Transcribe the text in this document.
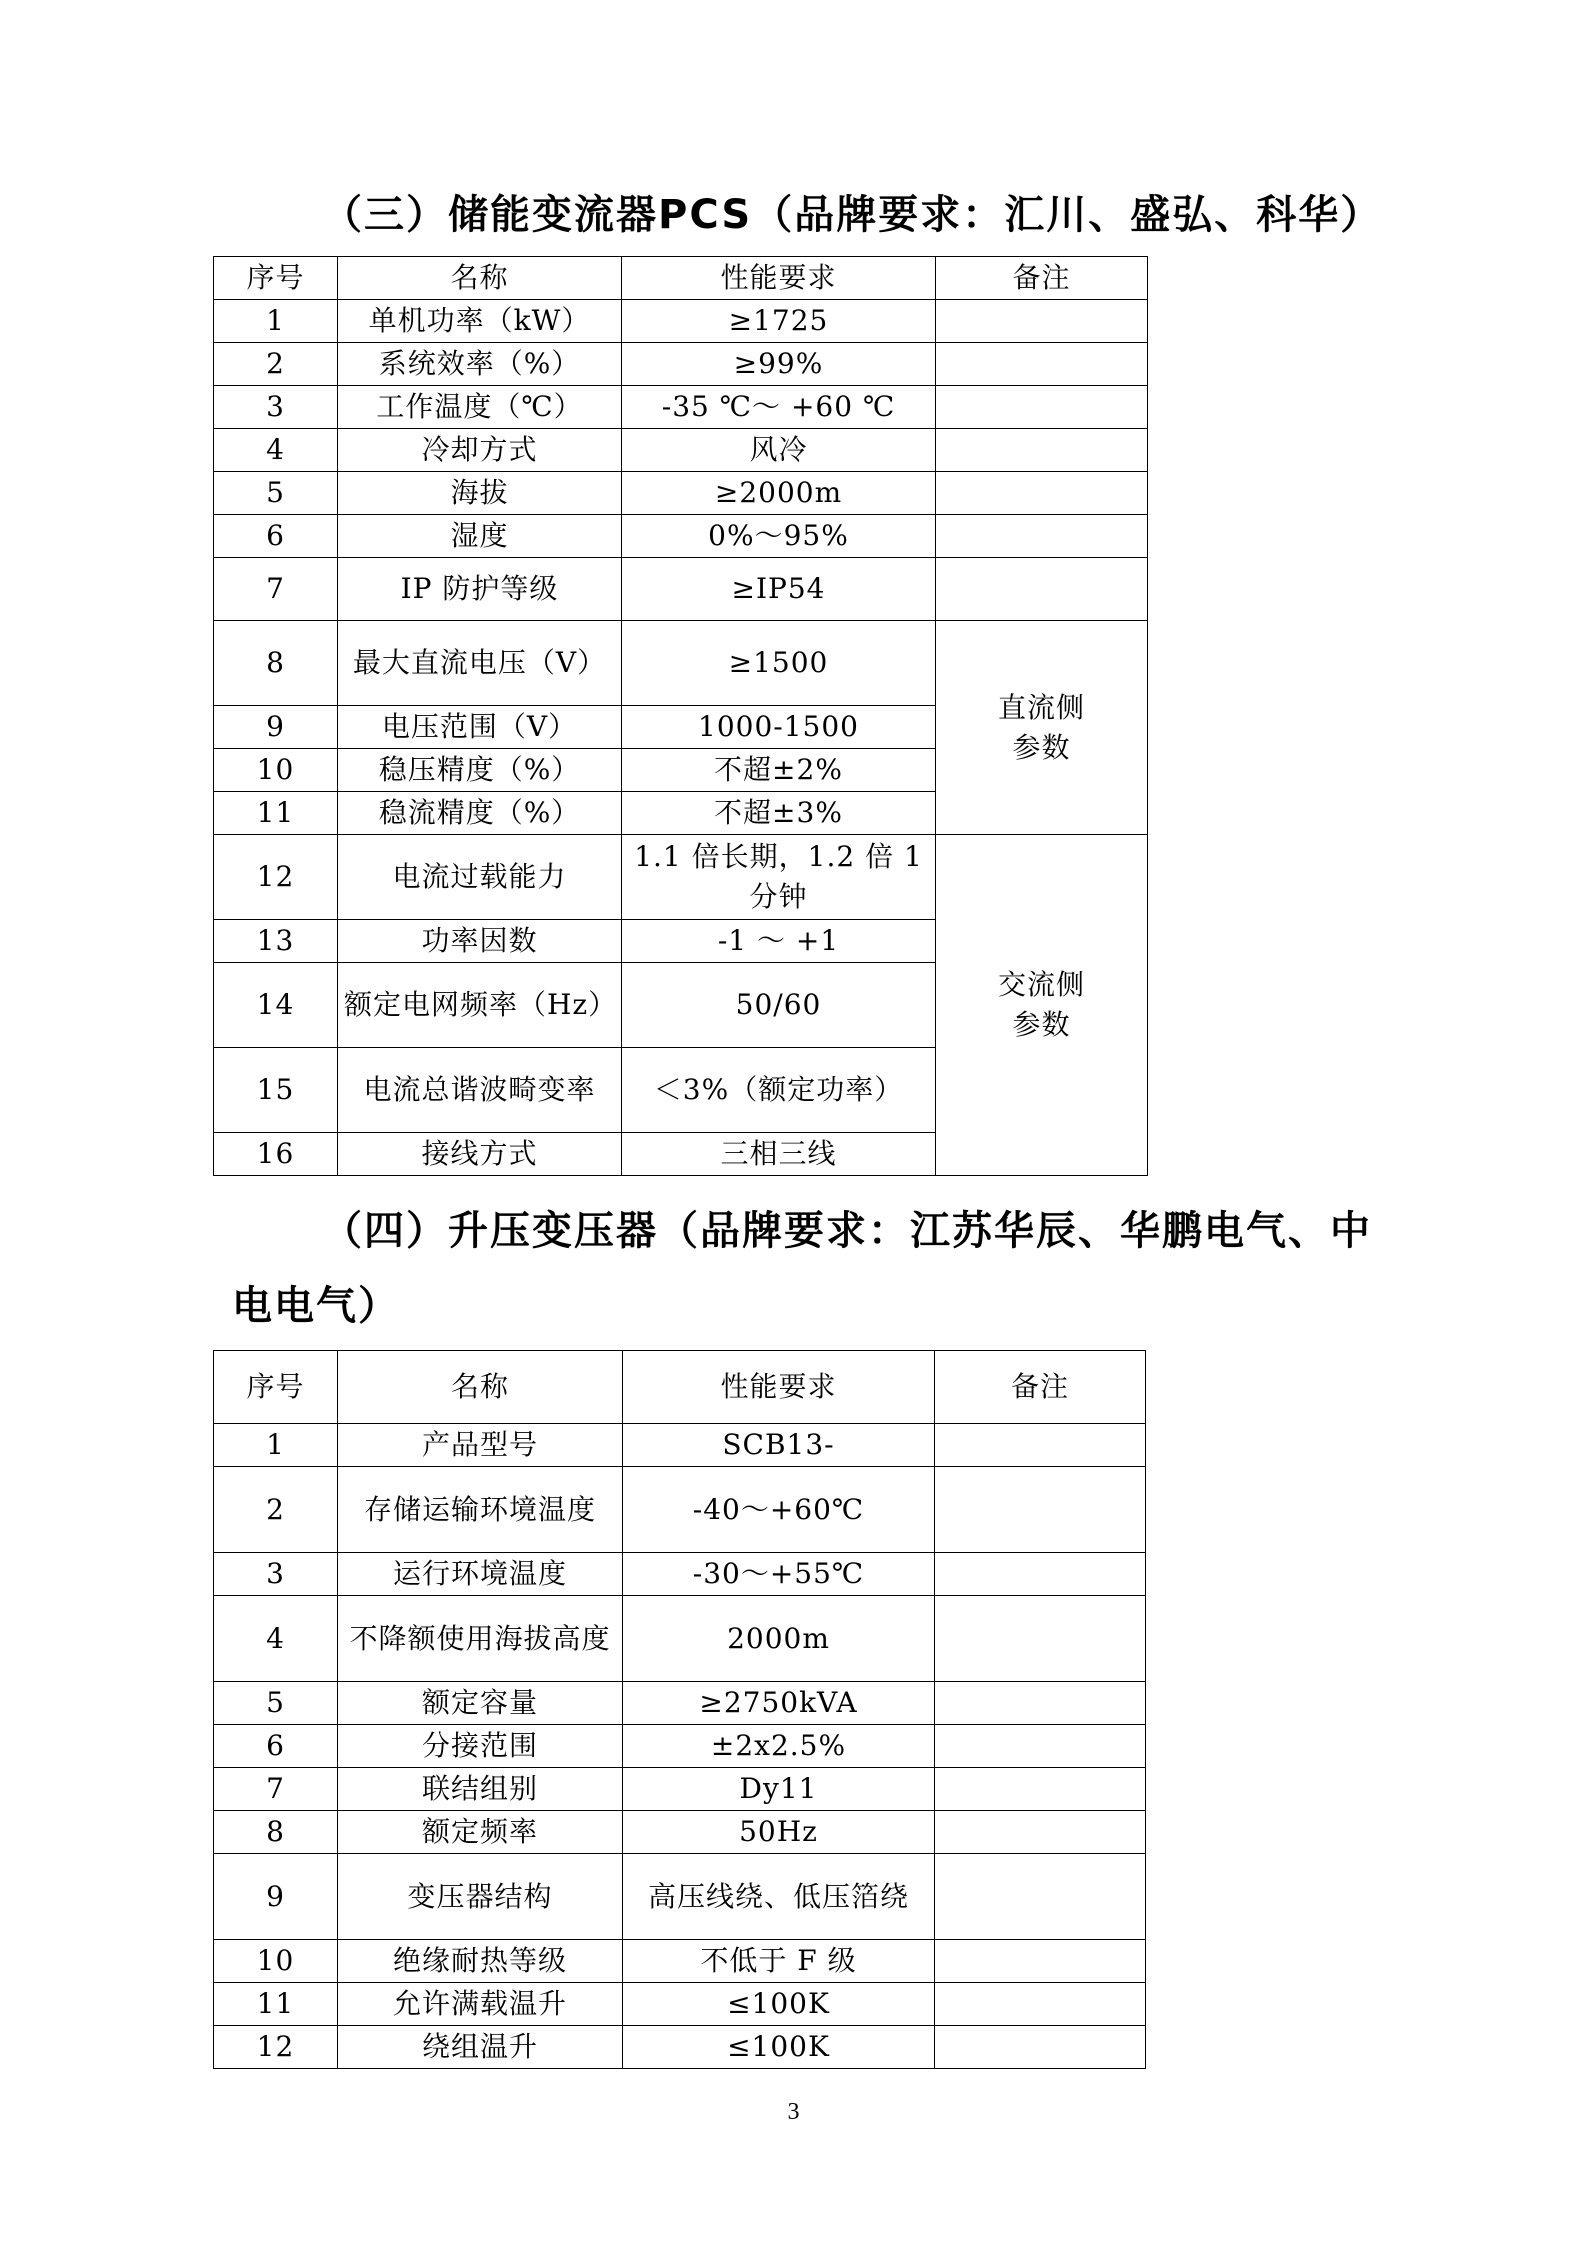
（三）储能变流器PCS（品牌要求：汇川、盛弘、科华）
序号	名称	性能要求	备注
1	单机功率（kW）	≥1725	
2	系统效率（%）	≥99%	
3	工作温度（℃）	-35 ℃～ +60 ℃	
4	冷却方式	风冷	
5	海拔	≥2000m	
6	湿度	0%～95%	
7	IP 防护等级	≥IP54	
8	最大直流电压（V）	≥1500	直流侧参数
9	电压范围（V）	1000-1500	
10	稳压精度（%）	不超±2%	
11	稳流精度（%）	不超±3%	
12	电流过载能力	1.1 倍长期，1.2 倍 1 分钟	交流侧参数
13	功率因数	-1 ～ +1	
14	额定电网频率（Hz）	50/60	
15	电流总谐波畸变率	＜3%（额定功率）	
16	接线方式	三相三线	
（四）升压变压器（品牌要求：江苏华辰、华鹏电气、中
电电气）
序号	名称	性能要求	备注
1	产品型号	SCB13-	
2	存储运输环境温度	-40～+60℃	
3	运行环境温度	-30～+55℃	
4	不降额使用海拔高度	2000m	
5	额定容量	≥2750kVA	
6	分接范围	±2x2.5%	
7	联结组别	Dy11	
8	额定频率	50Hz	
9	变压器结构	高压线绕、低压箔绕	
10	绝缘耐热等级	不低于 F 级	
11	允许满载温升	≤100K	
12	绕组温升	≤100K	
3
